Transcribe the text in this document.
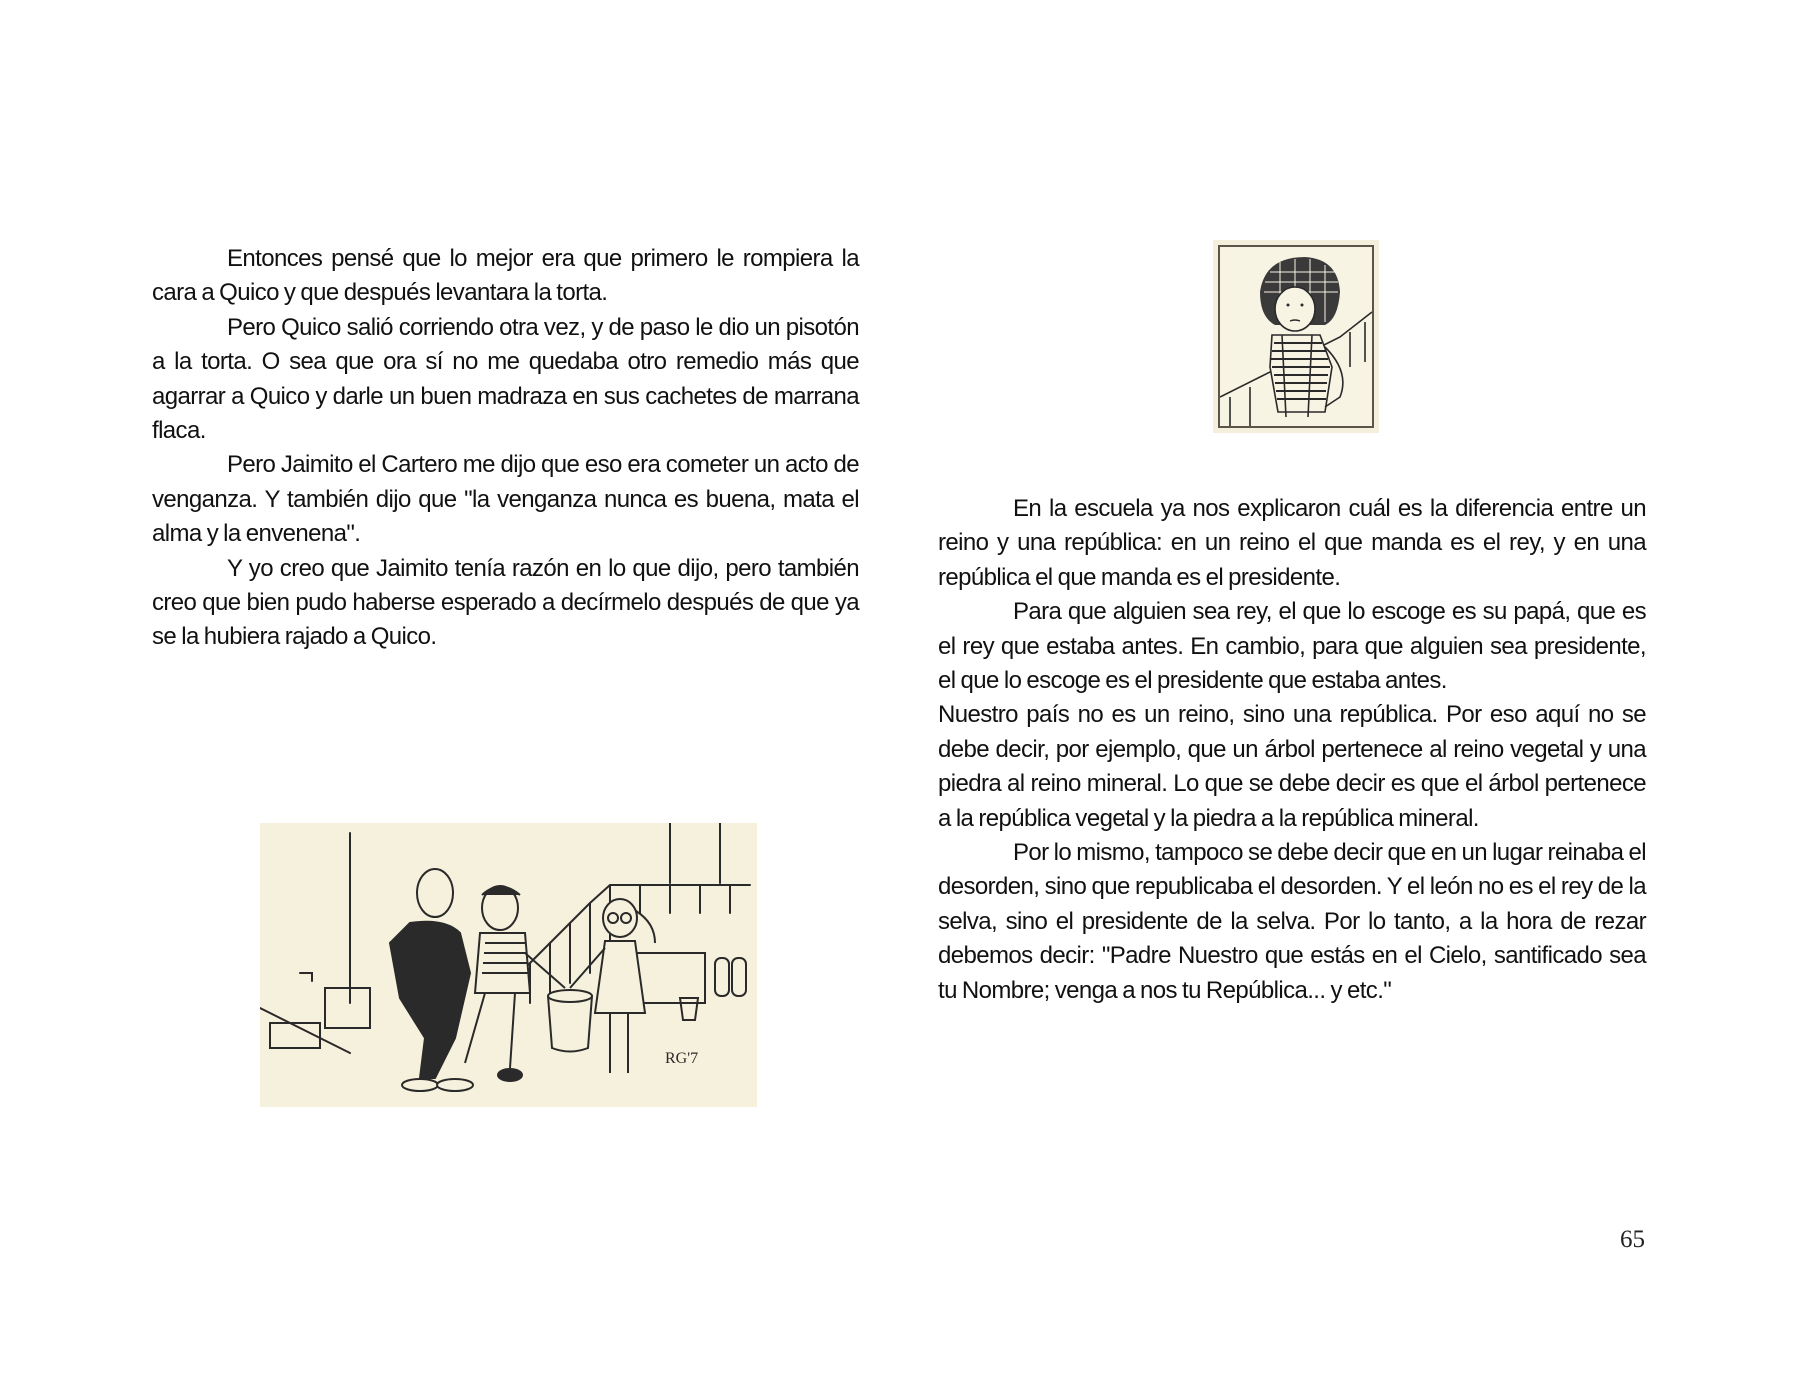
Entonces pensé que lo mejor era que primero le rompiera la cara a Quico y que después levantara la torta.

Pero Quico salió corriendo otra vez, y de paso le dio un pisotón a la torta. O sea que ora sí no me quedaba otro remedio más que agarrar a Quico y darle un buen madraza en sus cachetes de marrana flaca.

Pero Jaimito el Cartero me dijo que eso era cometer un acto de venganza. Y también dijo que "la venganza nunca es buena, mata el alma y la envenena".

Y yo creo que Jaimito tenía razón en lo que dijo, pero también creo que bien pudo haberse esperado a decírmelo después de que ya se la hubiera rajado a Quico.

RG'7

En la escuela ya nos explicaron cuál es la diferencia entre un reino y una república: en un reino el que manda es el rey, y en una república el que manda es el presidente.

Para que alguien sea rey, el que lo escoge es su papá, que es el rey que estaba antes. En cambio, para que alguien sea presidente, el que lo escoge es el presidente que estaba antes.

Nuestro país no es un reino, sino una república. Por eso aquí no se debe decir, por ejemplo, que un árbol pertenece al reino vegetal y una piedra al reino mineral. Lo que se debe decir es que el árbol pertenece a la república vegetal y la piedra a la república mineral.

Por lo mismo, tampoco se debe decir que en un lugar reinaba el desorden, sino que republicaba el desorden. Y el león no es el rey de la selva, sino el presidente de la selva. Por lo tanto, a la hora de rezar debemos decir: "Padre Nuestro que estás en el Cielo, santificado sea tu Nombre; venga a nos tu República... y etc."

65
